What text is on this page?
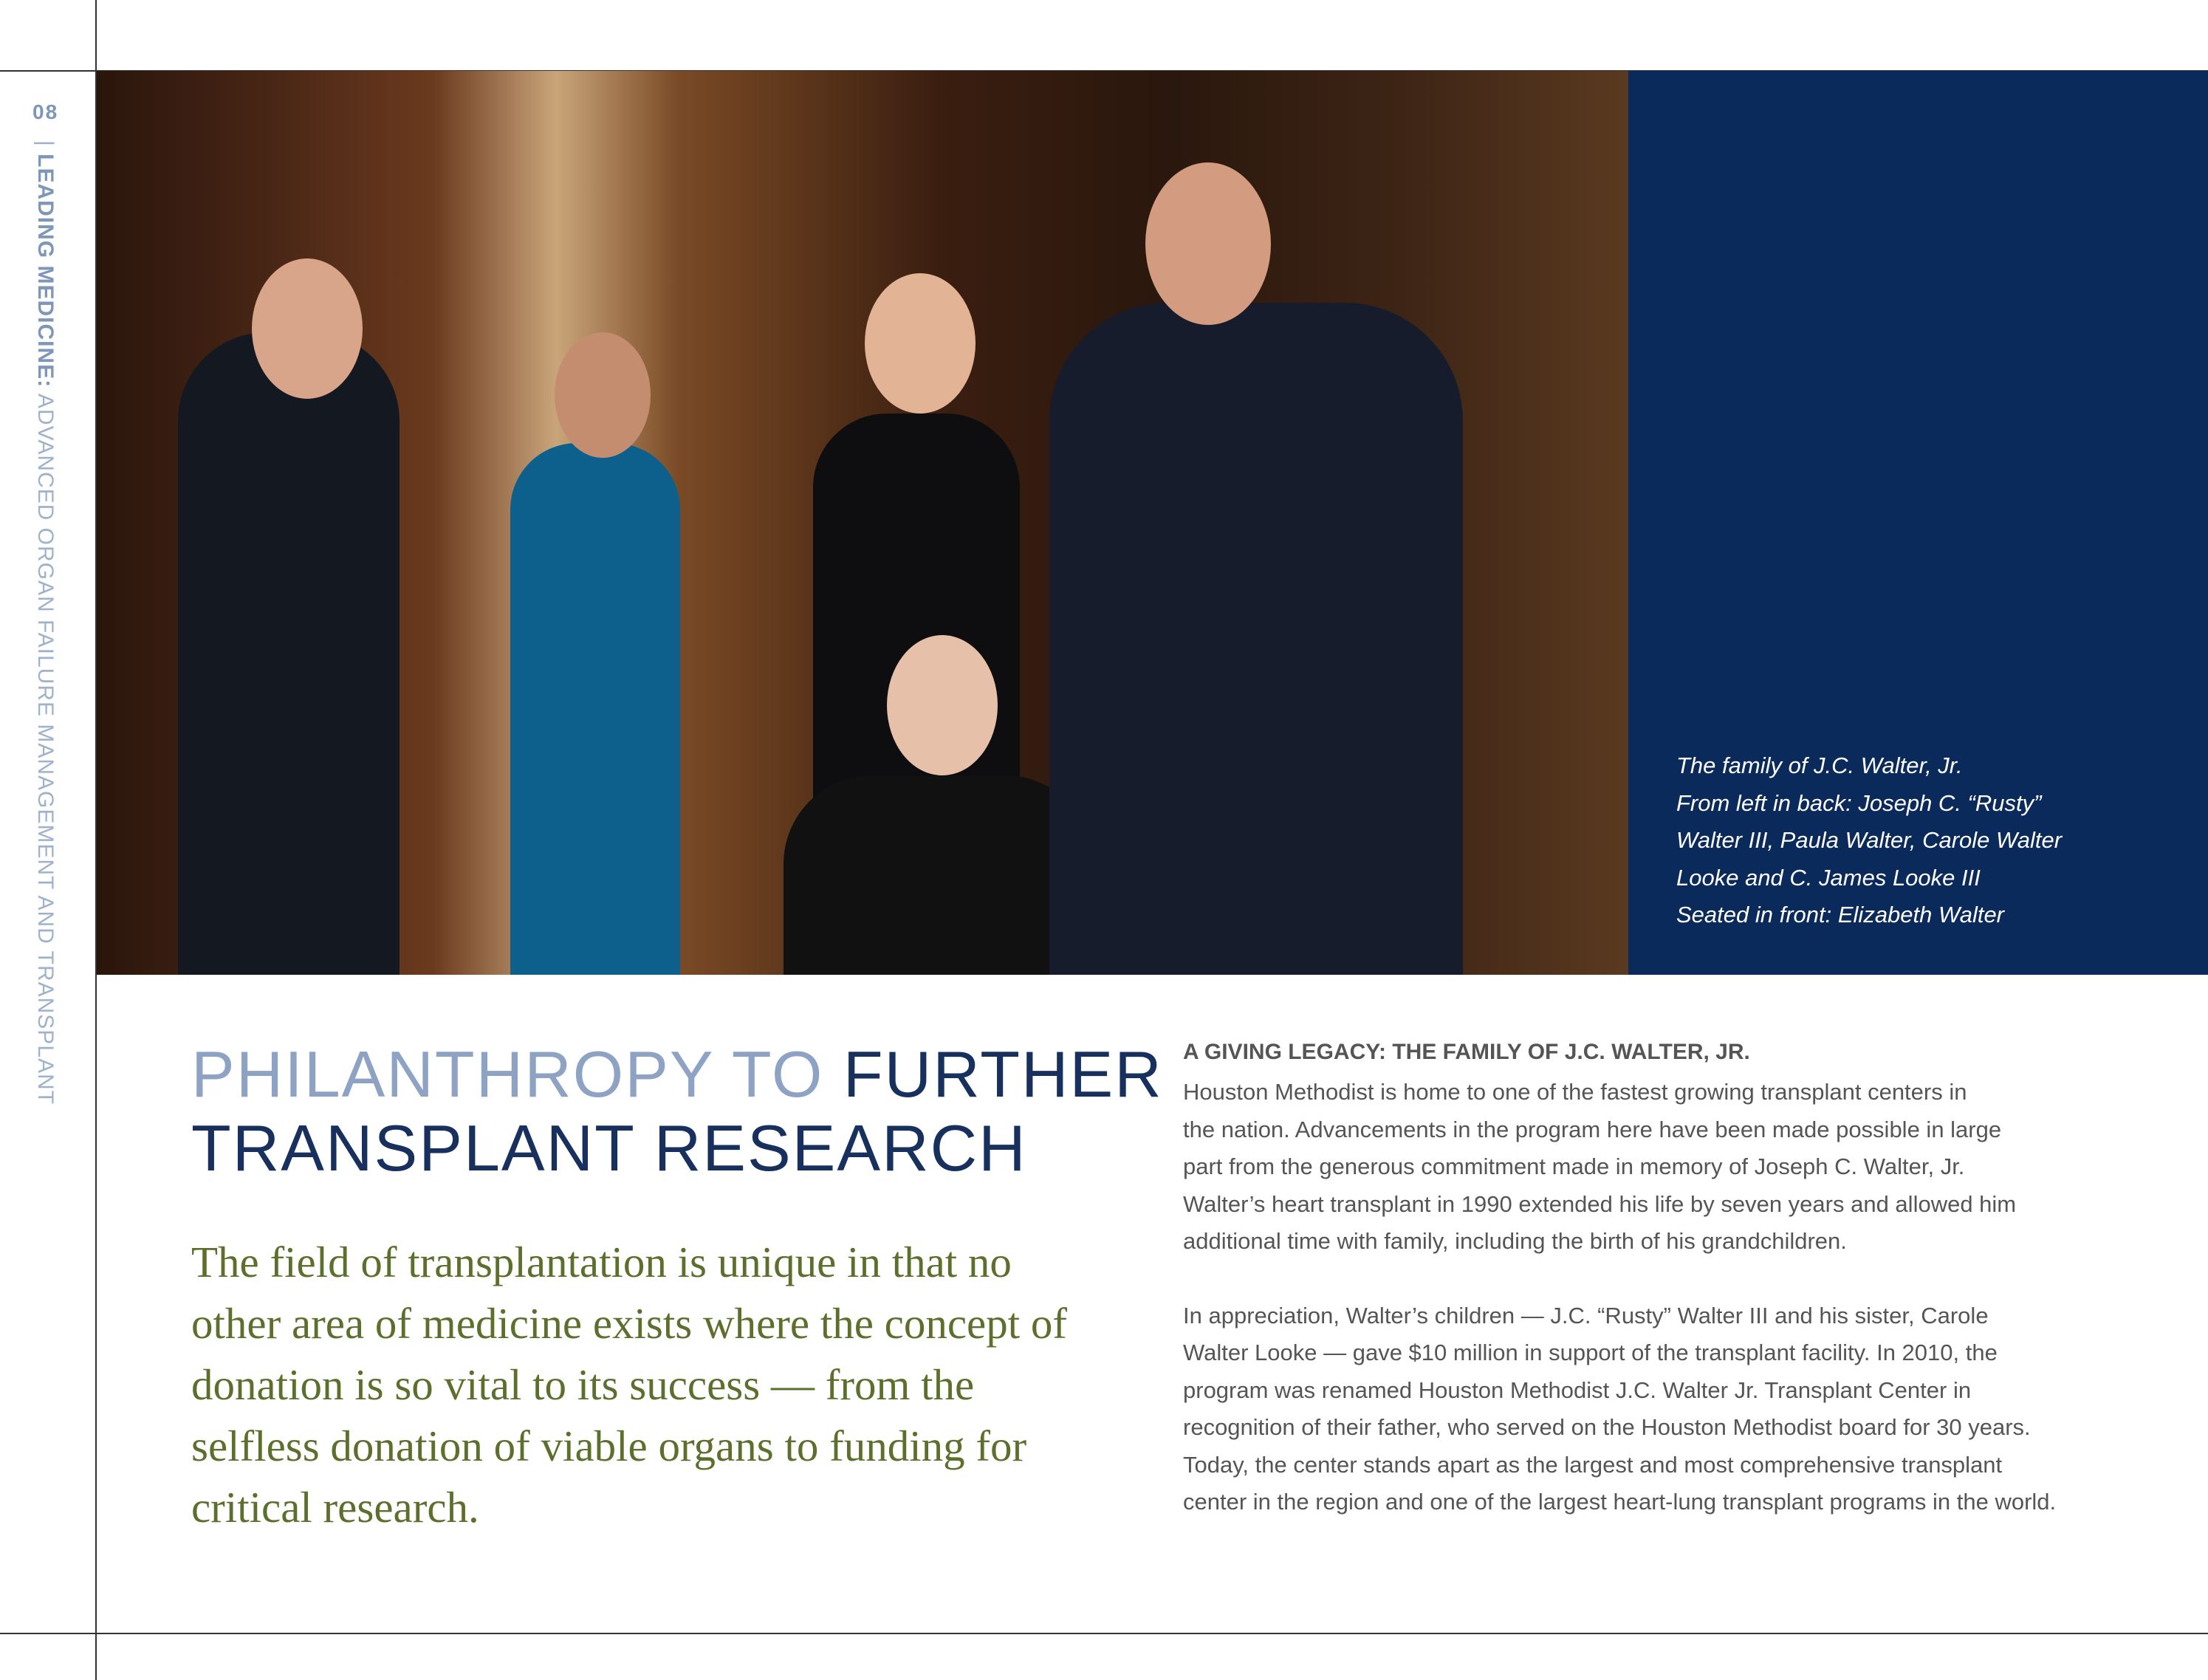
08
| LEADING MEDICINE: ADVANCED ORGAN FAILURE MANAGEMENT AND TRANSPLANT	The family of J.C. Walter, Jr.
From left in back: Joseph C. “Rusty”
Walter III, Paula Walter, Carole Walter
Looke and C. James Looke III
Seated in front: Elizabeth Walter
PHILANTHROPY TO FURTHER
TRANSPLANT RESEARCH
The field of transplantation is unique in that no other area of medicine exists where the concept of donation is so vital to its success — from the selfless donation of viable organs to funding for critical research.
A GIVING LEGACY: THE FAMILY OF J.C. WALTER, JR.

Houston Methodist is home to one of the fastest growing transplant centers in
the nation. Advancements in the program here have been made possible in large
part from the generous commitment made in memory of Joseph C. Walter, Jr.
Walter’s heart transplant in 1990 extended his life by seven years and allowed him
additional time with family, including the birth of his grandchildren.

In appreciation, Walter’s children — J.C. “Rusty” Walter III and his sister, Carole
Walter Looke — gave $10 million in support of the transplant facility. In 2010, the
program was renamed Houston Methodist J.C. Walter Jr. Transplant Center in
recognition of their father, who served on the Houston Methodist board for 30 years.
Today, the center stands apart as the largest and most comprehensive transplant
center in the region and one of the largest heart-lung transplant programs in the world.
